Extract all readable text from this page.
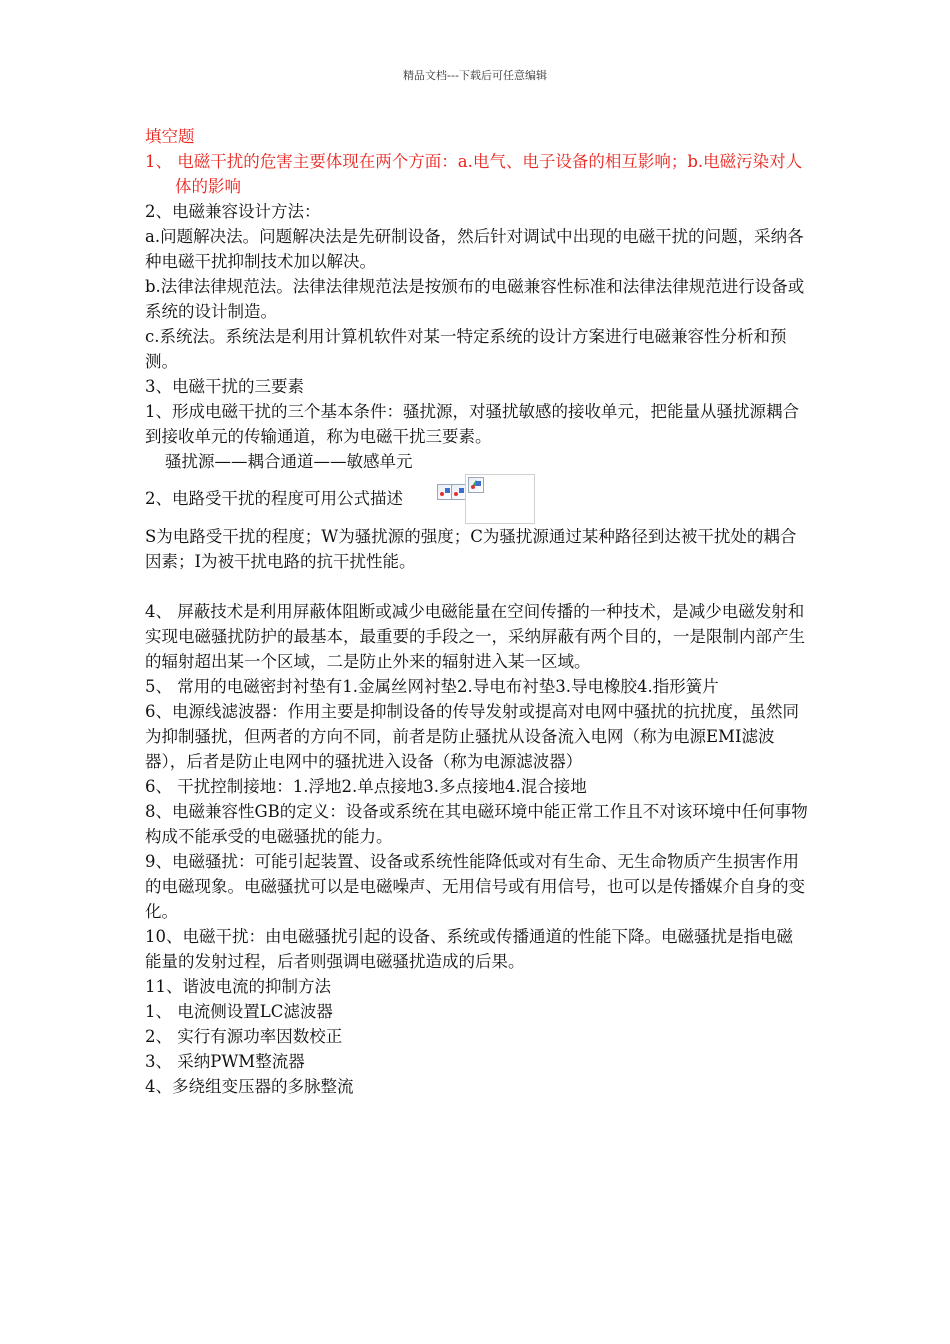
精品文档---下载后可任意编辑

填空题

1、 电磁干扰的危害主要体现在两个方面：a.电气、电子设备的相互影响；b.电磁污染对人体的影响

2、电磁兼容设计方法：

a.问题解决法。问题解决法是先研制设备，然后针对调试中出现的电磁干扰的问题，采纳各种电磁干扰抑制技术加以解决。

b.法律法律规范法。法律法律规范法是按颁布的电磁兼容性标准和法律法律规范进行设备或系统的设计制造。

c.系统法。系统法是利用计算机软件对某一特定系统的设计方案进行电磁兼容性分析和预测。

3、电磁干扰的三要素

1、形成电磁干扰的三个基本条件：骚扰源，对骚扰敏感的接收单元，把能量从骚扰源耦合到接收单元的传输通道，称为电磁干扰三要素。

骚扰源——耦合通道——敏感单元

2、电路受干扰的程度可用公式描述

S为电路受干扰的程度；W为骚扰源的强度；C为骚扰源通过某种路径到达被干扰处的耦合因素；I为被干扰电路的抗干扰性能。

4、 屏蔽技术是利用屏蔽体阻断或减少电磁能量在空间传播的一种技术，是减少电磁发射和实现电磁骚扰防护的最基本，最重要的手段之一，采纳屏蔽有两个目的，一是限制内部产生的辐射超出某一个区域，二是防止外来的辐射进入某一区域。

5、 常用的电磁密封衬垫有1.金属丝网衬垫2.导电布衬垫3.导电橡胶4.指形簧片

6、电源线滤波器：作用主要是抑制设备的传导发射或提高对电网中骚扰的抗扰度，虽然同为抑制骚扰，但两者的方向不同，前者是防止骚扰从设备流入电网（称为电源EMI滤波器），后者是防止电网中的骚扰进入设备（称为电源滤波器）

6、 干扰控制接地：1.浮地2.单点接地3.多点接地4.混合接地

8、电磁兼容性GB的定义：设备或系统在其电磁环境中能正常工作且不对该环境中任何事物构成不能承受的电磁骚扰的能力。

9、电磁骚扰：可能引起装置、设备或系统性能降低或对有生命、无生命物质产生损害作用的电磁现象。电磁骚扰可以是电磁噪声、无用信号或有用信号，也可以是传播媒介自身的变化。

10、电磁干扰：由电磁骚扰引起的设备、系统或传播通道的性能下降。电磁骚扰是指电磁能量的发射过程，后者则强调电磁骚扰造成的后果。

11、谐波电流的抑制方法

1、 电流侧设置LC滤波器

2、 实行有源功率因数校正

3、 采纳PWM整流器

4、多绕组变压器的多脉整流
